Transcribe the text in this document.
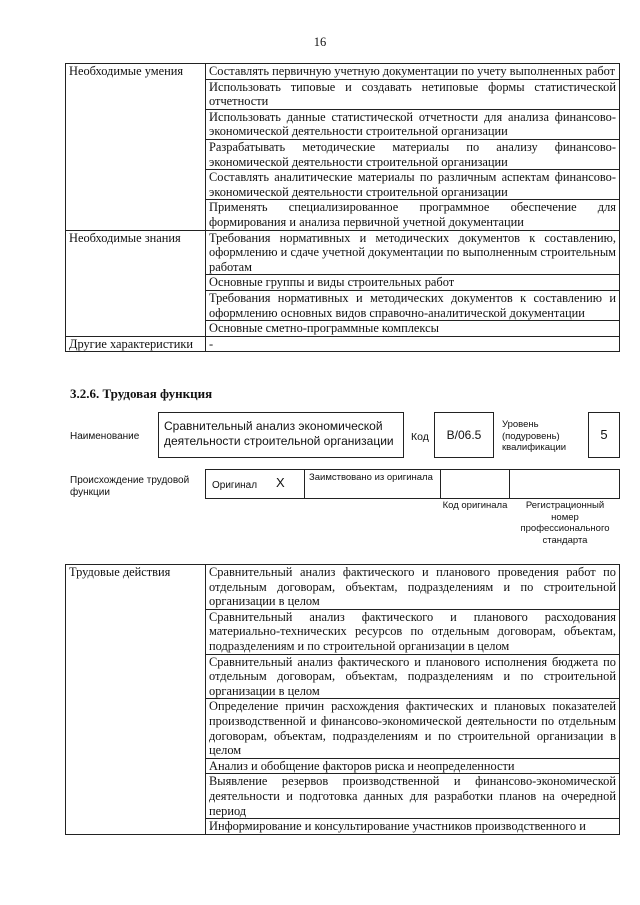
16
Необходимые умения	Составлять первичную учетную документации по учету выполненных работ
	Использовать типовые и создавать нетиповые формы статистической отчетности
	Использовать данные статистической отчетности для анализа финансово-экономической деятельности строительной организации
	Разрабатывать методические материалы по анализу финансово-экономической деятельности строительной организации
	Составлять аналитические материалы по различным аспектам финансово-экономической деятельности строительной организации
	Применять специализированное программное обеспечение для формирования и анализа первичной учетной документации
Необходимые знания	Требования нормативных и методических документов к составлению, оформлению и сдаче учетной документации по выполненным строительным работам
	Основные группы и виды строительных работ
	Требования нормативных и методических документов к составлению и оформлению основных видов справочно-аналитической документации
	Основные сметно-программные комплексы
Другие характеристики	-
3.2.6. Трудовая функция
Наименование
Сравнительный анализ экономической деятельности строительной организации	Код	B/06.5
Уровень (подуровень) квалификации
5
Происхождение трудовой функции
Оригинал X	Заимствовано из оригинала
Код оригинала	Регистрационный номер профессионального стандарта
Трудовые действия	Сравнительный анализ фактического и планового проведения работ по отдельным договорам, объектам, подразделениям и по строительной организации в целом
Сравнительный анализ фактического и планового расходования материально-технических ресурсов по отдельным договорам, объектам, подразделениям и по строительной организации в целом
Сравнительный анализ фактического и планового исполнения бюджета по отдельным договорам, объектам, подразделениям и по строительной организации в целом
Определение причин расхождения фактических и плановых показателей производственной и финансово-экономической деятельности по отдельным договорам, объектам, подразделениям и по строительной организации в целом
Анализ и обобщение факторов риска и неопределенности
Выявление резервов производственной и финансово-экономической деятельности и подготовка данных для разработки планов на очередной период
Информирование и консультирование участников производственного и
